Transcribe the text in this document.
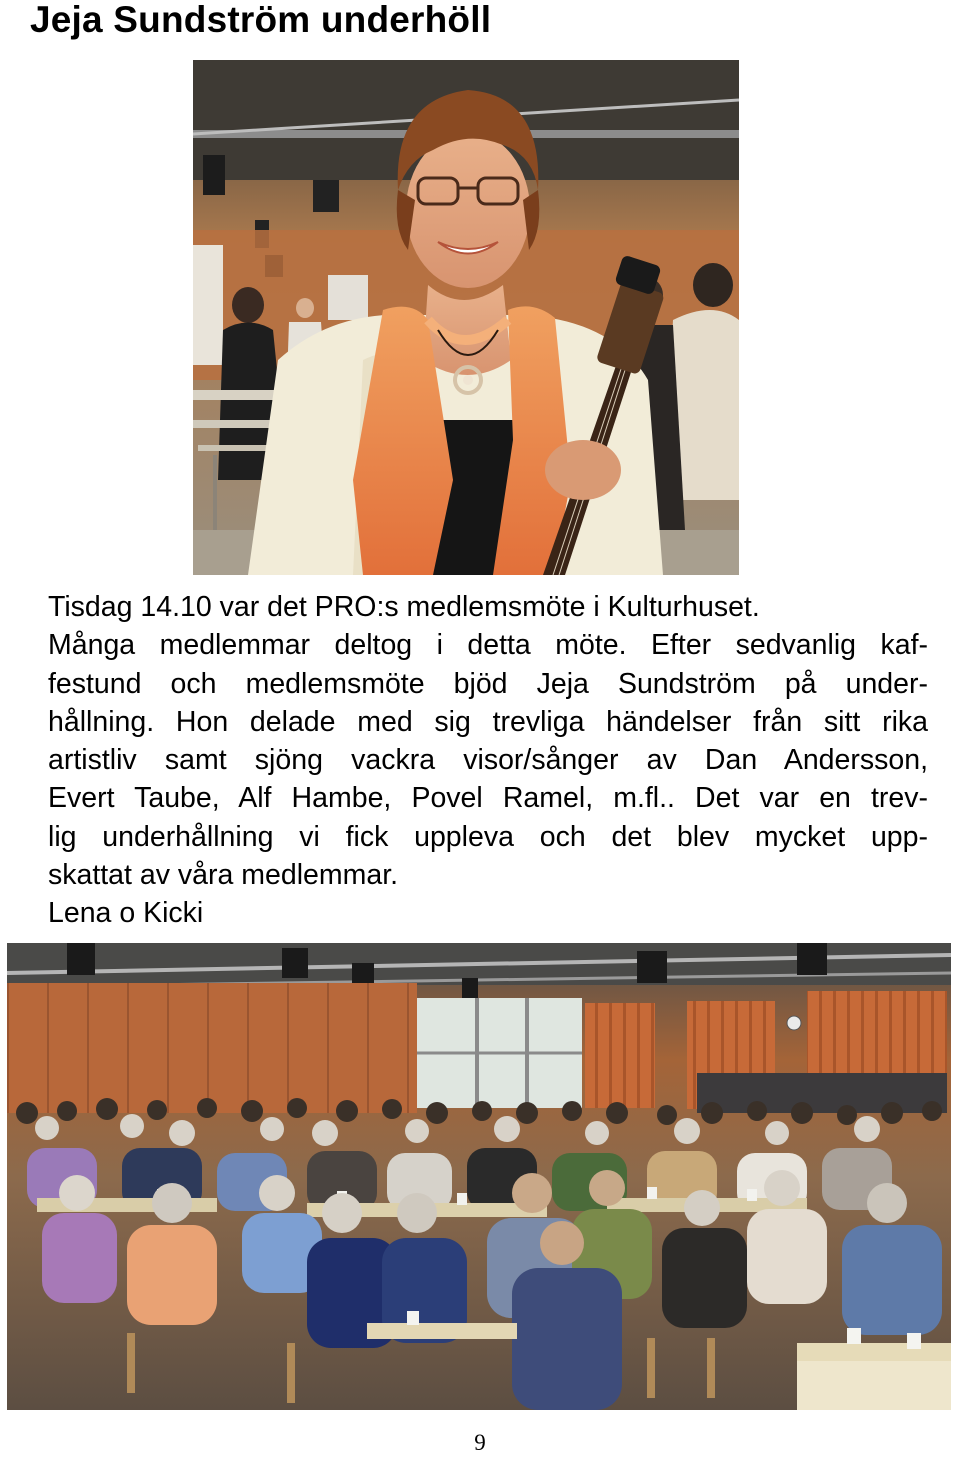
Jeja Sundström underhöll
Tisdag 14.10 var det PRO:s medlemsmöte i Kulturhuset.
Många medlemmar deltog i detta möte. Efter sedvanlig kaf-
festund och medlemsmöte bjöd Jeja Sundström på under-
hållning. Hon delade med sig trevliga händelser från sitt rika
artistliv samt sjöng vackra visor/sånger av Dan Andersson,
Evert Taube, Alf Hambe, Povel Ramel, m.fl.. Det var en trev-
lig underhållning vi fick uppleva och det blev mycket upp-
skattat av våra medlemmar.
Lena o Kicki
9
